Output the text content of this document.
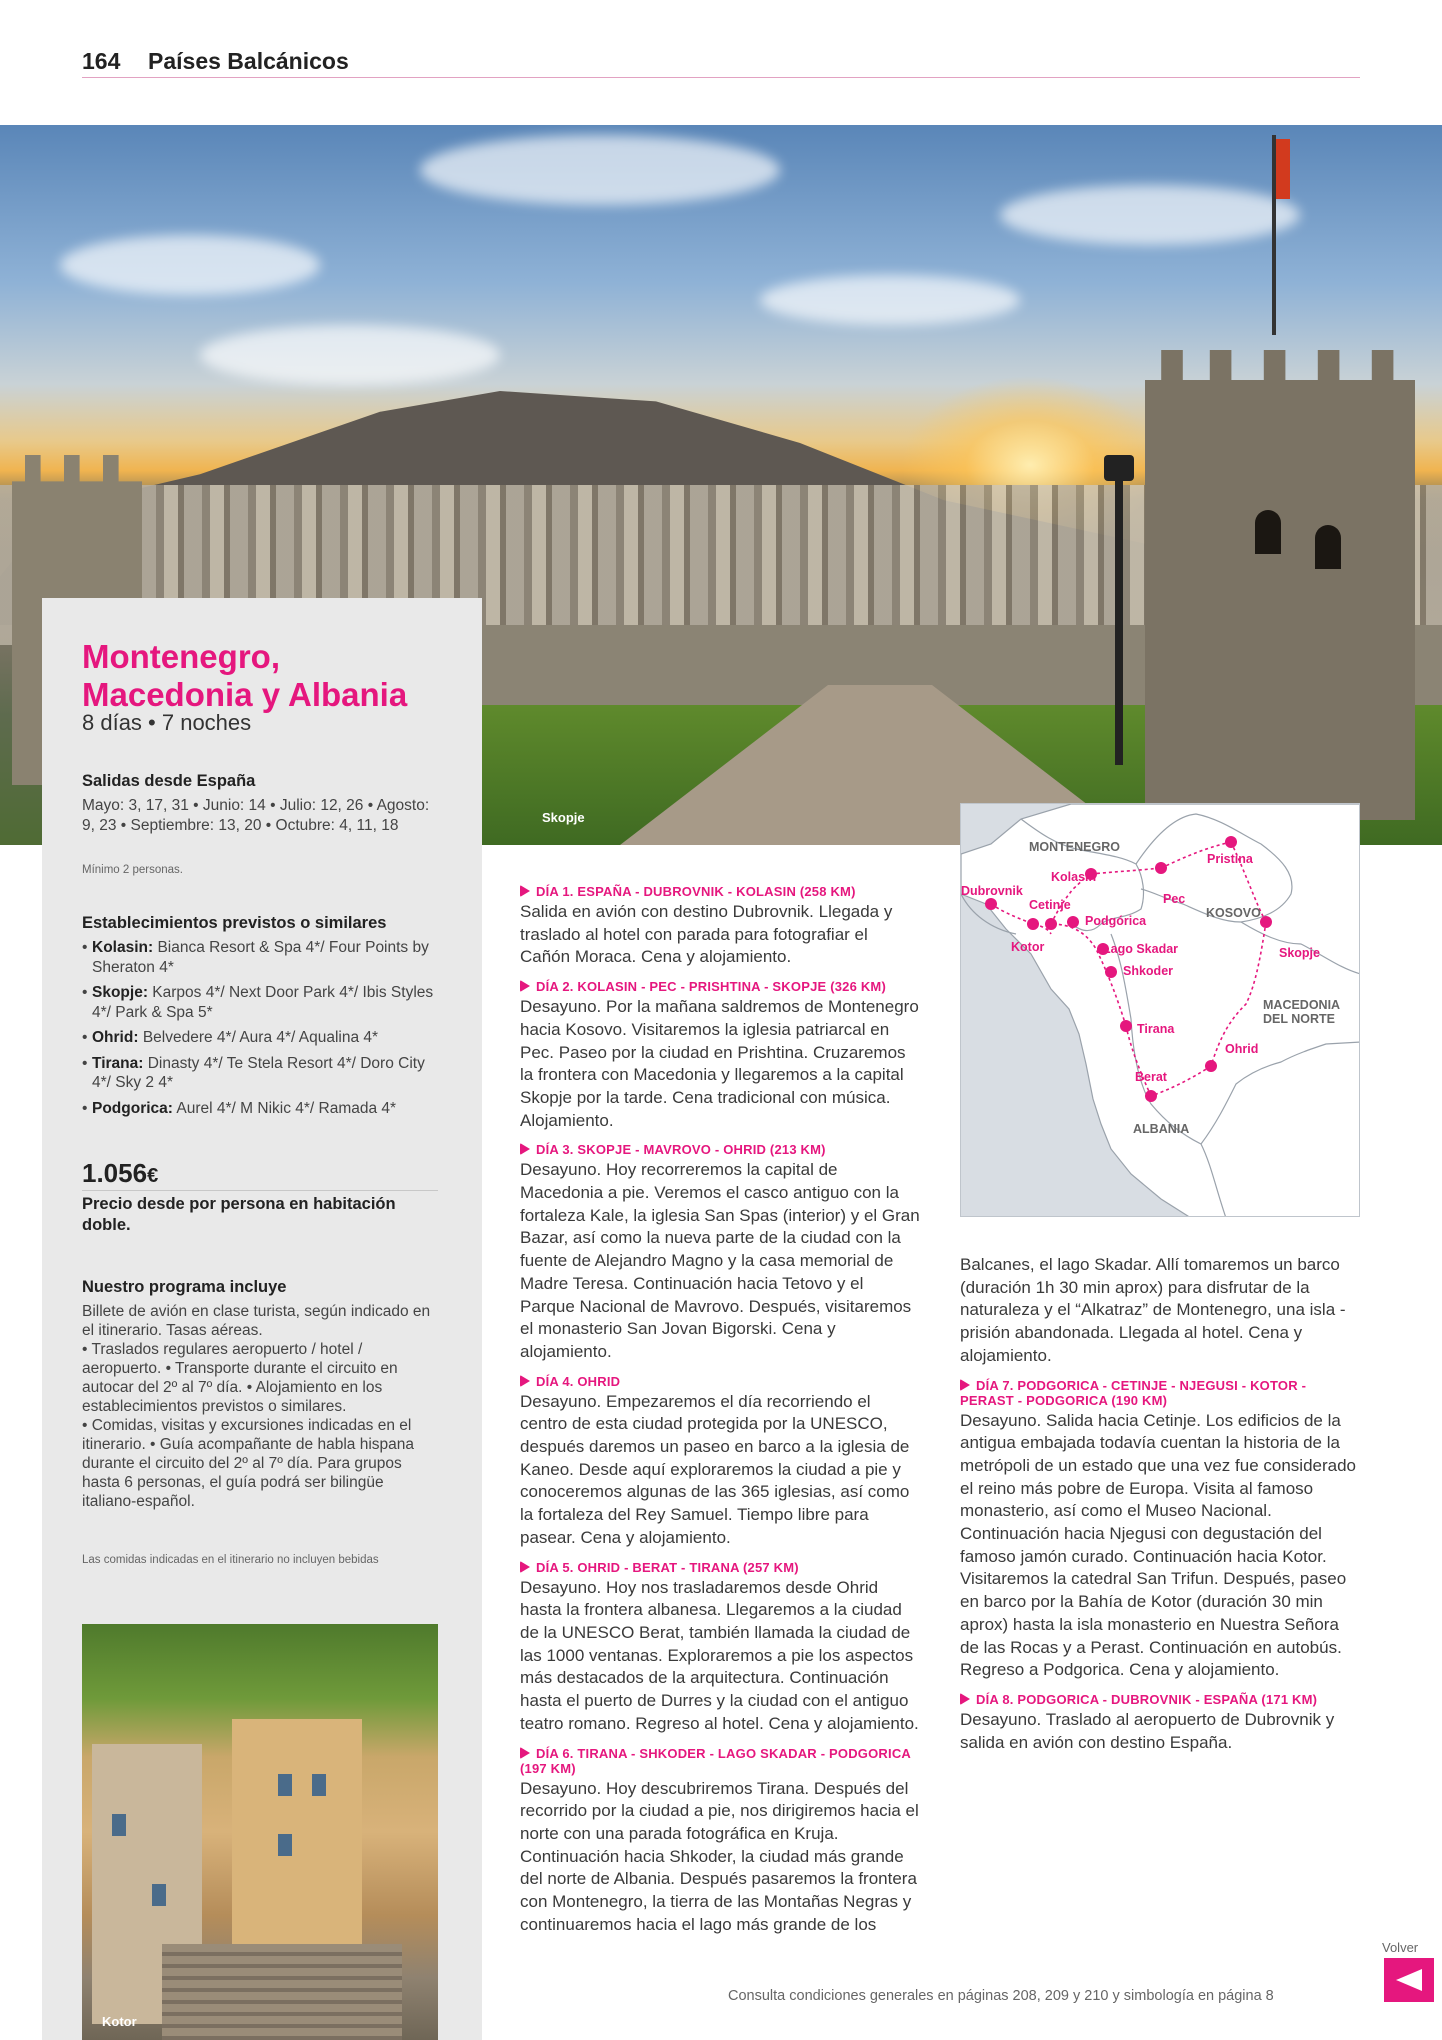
164 Países Balcánicos
Skopje
Montenegro,
Macedonia y Albania
8 días • 7 noches
Salidas desde España
Mayo: 3, 17, 31 • Junio: 14 • Julio: 12, 26 • Agosto: 9, 23 • Septiembre: 13, 20 • Octubre: 4, 11, 18
Mínimo 2 personas.
Establecimientos previstos o similares
• Kolasin: Bianca Resort & Spa 4*/ Four Points by Sheraton 4*
• Skopje: Karpos 4*/ Next Door Park 4*/ Ibis Styles 4*/ Park & Spa 5*
• Ohrid: Belvedere 4*/ Aura 4*/ Aqualina 4*
• Tirana: Dinasty 4*/ Te Stela Resort 4*/ Doro City 4*/ Sky 2 4*
• Podgorica: Aurel 4*/ M Nikic 4*/ Ramada 4*
1.056€
Precio desde por persona en habitación doble.
Nuestro programa incluye
Billete de avión en clase turista, según indicado en el itinerario. Tasas aéreas.
• Traslados regulares aeropuerto / hotel / aeropuerto. • Transporte durante el circuito en autocar del 2º al 7º día. • Alojamiento en los establecimientos previstos o similares.
• Comidas, visitas y excursiones indicadas en el itinerario. • Guía acompañante de habla hispana durante el circuito del 2º al 7º día. Para grupos hasta 6 personas, el guía podrá ser bilingüe italiano-español.
Las comidas indicadas en el itinerario no incluyen bebidas
Kotor
DÍA 1. ESPAÑA - DUBROVNIK - KOLASIN (258 KM)
Salida en avión con destino Dubrovnik. Llegada y traslado al hotel con parada para fotografiar el Cañón Moraca. Cena y alojamiento.
DÍA 2. KOLASIN - PEC - PRISHTINA - SKOPJE (326 KM)
Desayuno. Por la mañana saldremos de Montenegro hacia Kosovo. Visitaremos la iglesia patriarcal en Pec. Paseo por la ciudad en Prishtina. Cruzaremos la frontera con Macedonia y llegaremos a la capital Skopje por la tarde. Cena tradicional con música. Alojamiento.
DÍA 3. SKOPJE - MAVROVO - OHRID (213 KM)
Desayuno. Hoy recorreremos la capital de Macedonia a pie. Veremos el casco antiguo con la fortaleza Kale, la iglesia San Spas (interior) y el Gran Bazar, así como la nueva parte de la ciudad con la fuente de Alejandro Magno y la casa memorial de Madre Teresa. Continuación hacia Tetovo y el Parque Nacional de Mavrovo. Después, visitaremos el monasterio San Jovan Bigorski. Cena y alojamiento.
DÍA 4. OHRID
Desayuno. Empezaremos el día recorriendo el centro de esta ciudad protegida por la UNESCO, después daremos un paseo en barco a la iglesia de Kaneo. Desde aquí exploraremos la ciudad a pie y conoceremos algunas de las 365 iglesias, así como la fortaleza del Rey Samuel. Tiempo libre para pasear. Cena y alojamiento.
DÍA 5. OHRID - BERAT - TIRANA (257 KM)
Desayuno. Hoy nos trasladaremos desde Ohrid hasta la frontera albanesa. Llegaremos a la ciudad de la UNESCO Berat, también llamada la ciudad de las 1000 ventanas. Exploraremos a pie los aspectos más destacados de la arquitectura. Continuación hasta el puerto de Durres y la ciudad con el antiguo teatro romano. Regreso al hotel. Cena y alojamiento.
DÍA 6. TIRANA - SHKODER - LAGO SKADAR - PODGORICA (197 KM)
Desayuno. Hoy descubriremos Tirana. Después del recorrido por la ciudad a pie, nos dirigiremos hacia el norte con una parada fotográfica en Kruja. Continuación hacia Shkoder, la ciudad más grande del norte de Albania. Después pasaremos la frontera con Montenegro, la tierra de las Montañas Negras y continuaremos hacia el lago más grande de los
MONTENEGRO
KOSOVO
ALBANIA
MACEDONIA
DEL NORTE
Dubrovnik
Kolasin
Cetinje
Pristina
Pec
Podgórica
Kotor	Lago Skadar
Shkoder
Skopje
Tirana
Ohrid
Berat
Balcanes, el lago Skadar. Allí tomaremos un barco (duración 1h 30 min aprox) para disfrutar de la naturaleza y el “Alkatraz” de Montenegro, una isla - prisión abandonada. Llegada al hotel. Cena y alojamiento.
DÍA 7. PODGORICA - CETINJE - NJEGUSI - KOTOR - PERAST - PODGORICA (190 KM)
Desayuno. Salida hacia Cetinje. Los edificios de la antigua embajada todavía cuentan la historia de la metrópoli de un estado que una vez fue considerado el reino más pobre de Europa. Visita al famoso monasterio, así como el Museo Nacional. Continuación hacia Njegusi con degustación del famoso jamón curado. Continuación hacia Kotor. Visitaremos la catedral San Trifun. Después, paseo en barco por la Bahía de Kotor (duración 30 min aprox) hasta la isla monasterio en Nuestra Señora de las Rocas y a Perast. Continuación en autobús. Regreso a Podgorica. Cena y alojamiento.
DÍA 8. PODGORICA - DUBROVNIK - ESPAÑA (171 KM)
Desayuno. Traslado al aeropuerto de Dubrovnik y salida en avión con destino España.
Consulta condiciones generales en páginas 208, 209 y 210 y simbología en página 8
Volver
